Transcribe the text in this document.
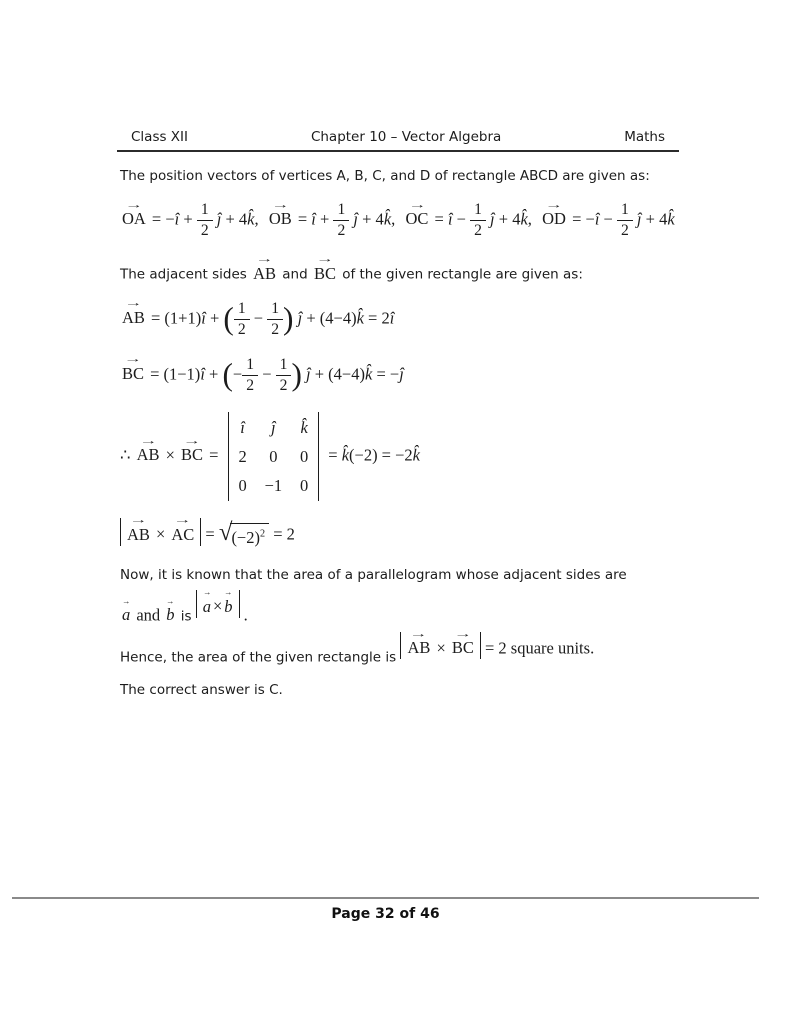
Class XII	Chapter 10 – Vector Algebra	Maths
The position vectors of vertices A, B, C, and D of rectangle ABCD are given as:
→
OA = −î + $\frac{1}{2}$ ĵ + 4k̂,
→
OB = î + $\frac{1}{2}$ ĵ + 4k̂,
→
OC = î − $\frac{1}{2}$ ĵ + 4k̂,
→
OD = −î − $\frac{1}{2}$ ĵ + 4k̂
The adjacent sides
→
AB and
→
BC of the given rectangle are given as:
→
AB = (1+1)î + ( $\frac{1}{2} - \frac{1}{2}$ ) ĵ + (4−4)k̂ = 2î
→
BC = (1−1)î + (− $\frac{1}{2} - \frac{1}{2}$ ) ĵ + (4−4)k̂ = −ĵ
∴
→
AB ×
→
BC =
î	ĵ	k̂
2 0 0
0 −1 0
= k̂(−2) = −2k̂
→
AB ×
→
AC = √ $(-2)^2 = 2$
Now, it is known that the area of a parallelogram whose adjacent sides are
→
a and
→
b is
→
a ×
→
b .
Hence, the area of the given rectangle is
→
AB ×
→
BC = 2 square units.
The correct answer is C.
Page 32 of 46
